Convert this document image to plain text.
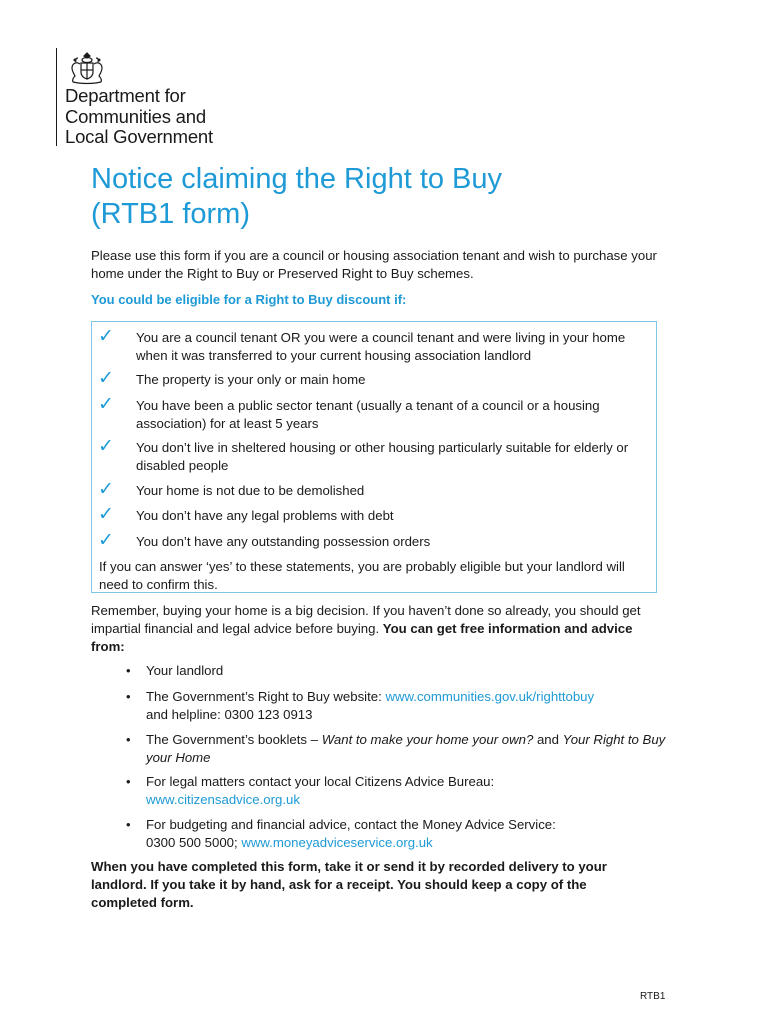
Department for
Communities and
Local Government
Notice claiming the Right to Buy
(RTB1 form)

Please use this form if you are a council or housing association tenant and wish to purchase your home under the Right to Buy or Preserved Right to Buy schemes.

You could be eligible for a Right to Buy discount if:

✓ You are a council tenant OR you were a council tenant and were living in your home when it was transferred to your current housing association landlord
✓ The property is your only or main home
✓ You have been a public sector tenant (usually a tenant of a council or a housing association) for at least 5 years
✓ You don’t live in sheltered housing or other housing particularly suitable for elderly or disabled people
✓ Your home is not due to be demolished
✓ You don’t have any legal problems with debt
✓ You don’t have any outstanding possession orders
If you can answer ‘yes’ to these statements, you are probably eligible but your landlord will need to confirm this.

Remember, buying your home is a big decision. If you haven’t done so already, you should get impartial financial and legal advice before buying. You can get free information and advice from:

• Your landlord
• The Government’s Right to Buy website: www.communities.gov.uk/righttobuy
and helpline: 0300 123 0913
• The Government’s booklets – Want to make your home your own? and Your Right to Buy your Home
• For legal matters contact your local Citizens Advice Bureau:
www.citizensadvice.org.uk
• For budgeting and financial advice, contact the Money Advice Service:
0300 500 5000; www.moneyadviceservice.org.uk

When you have completed this form, take it or send it by recorded delivery to your landlord. If you take it by hand, ask for a receipt. You should keep a copy of the completed form.

RTB1
